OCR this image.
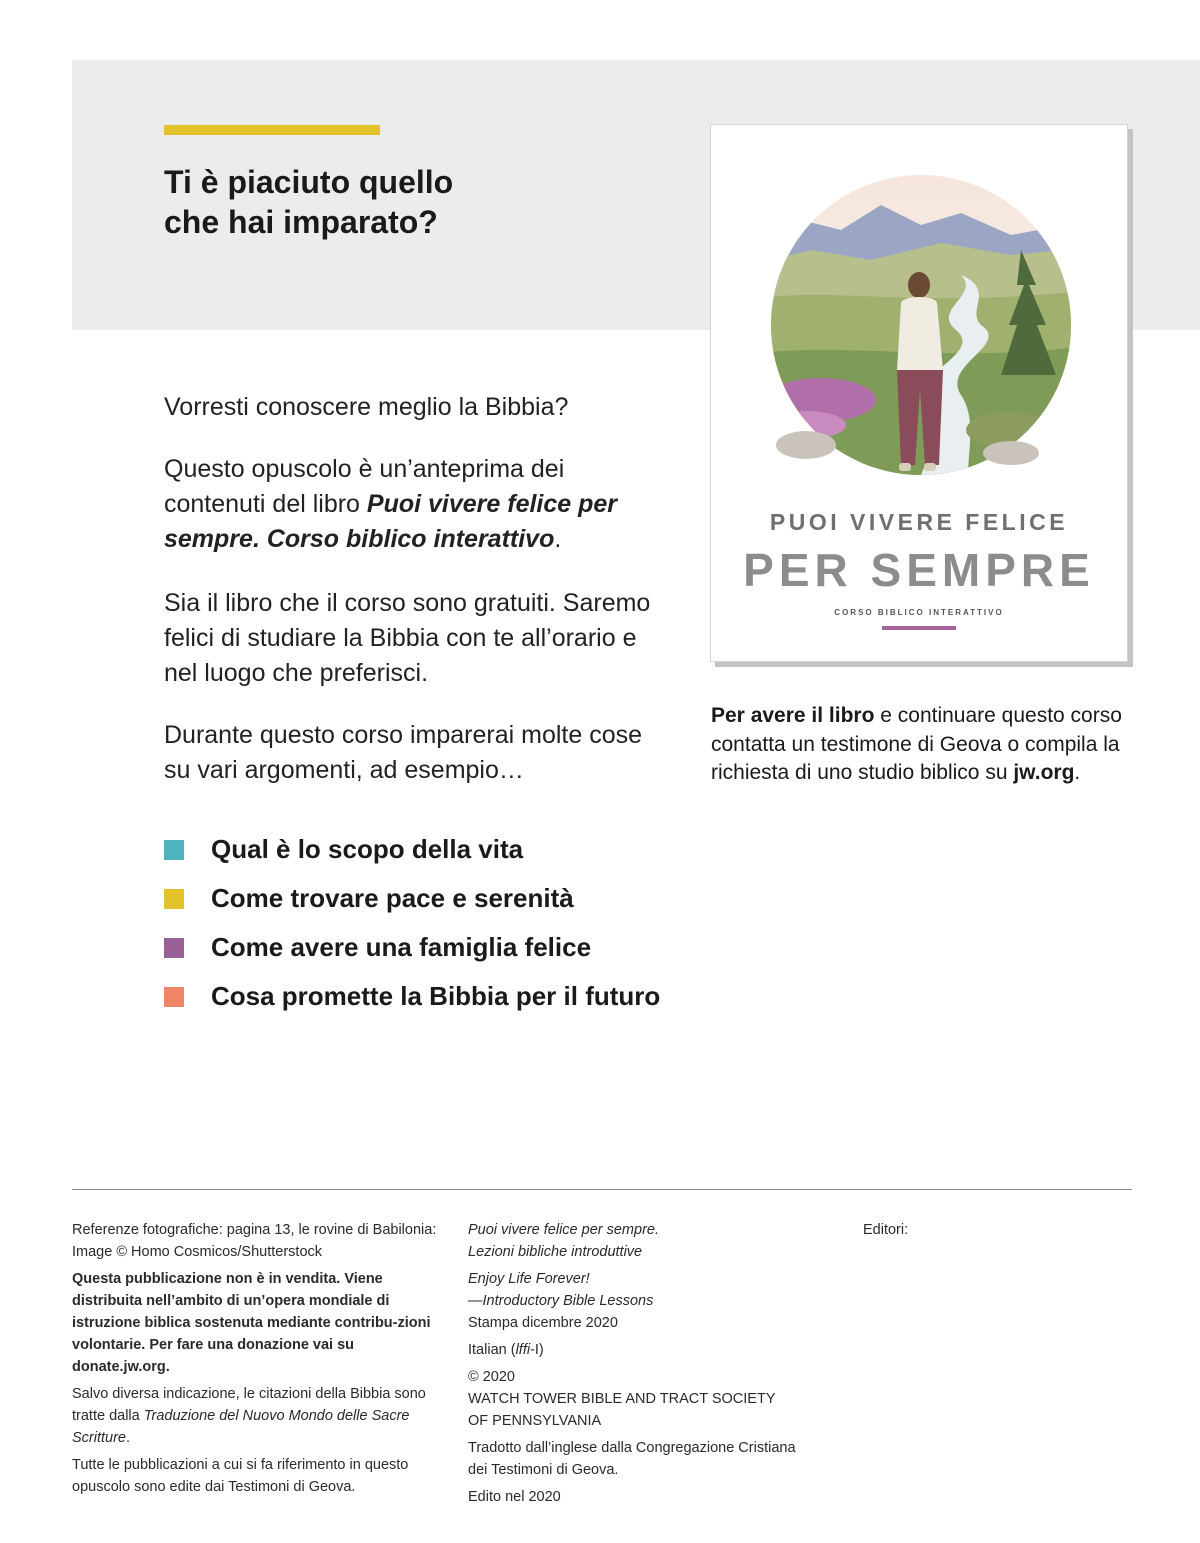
Ti è piaciuto quello
che hai imparato?

Vorresti conoscere meglio la Bibbia?

Questo opuscolo è un’anteprima dei contenuti del libro Puoi vivere felice per sempre. Corso biblico interattivo.

Sia il libro che il corso sono gratuiti. Saremo felici di studiare la Bibbia con te all’orario e nel luogo che preferisci.

Durante questo corso imparerai molte cose su vari argomenti, ad esempio…

Qual è lo scopo della vita
Come trovare pace e serenità
Come avere una famiglia felice
Cosa promette la Bibbia per il futuro
PUOI VIVERE FELICE
PER SEMPRE
CORSO BIBLICO INTERATTIVO

Per avere il libro e continuare questo corso contatta un testimone di Geova o compila la richiesta di uno studio biblico su jw.org.

Referenze fotografiche: pagina 13, le rovine di Babilonia: Image © Homo Cosmicos/Shutterstock

Questa pubblicazione non è in vendita. Viene distribuita nell’ambito di un’opera mondiale di istruzione biblica sostenuta mediante contribu-zioni volontarie. Per fare una donazione vai su donate.jw.org.

Salvo diversa indicazione, le citazioni della Bibbia sono tratte dalla Traduzione del Nuovo Mondo delle Sacre Scritture.

Tutte le pubblicazioni a cui si fa riferimento in questo opuscolo sono edite dai Testimoni di Geova.

Puoi vivere felice per sempre.
Lezioni bibliche introduttive

Enjoy Life Forever!
—Introductory Bible Lessons

Stampa dicembre 2020

Italian (lffi-I)

© 2020
WATCH TOWER BIBLE AND TRACT SOCIETY
OF PENNSYLVANIA

Tradotto dall’inglese dalla Congregazione Cristiana dei Testimoni di Geova.

Edito nel 2020

Editori:
